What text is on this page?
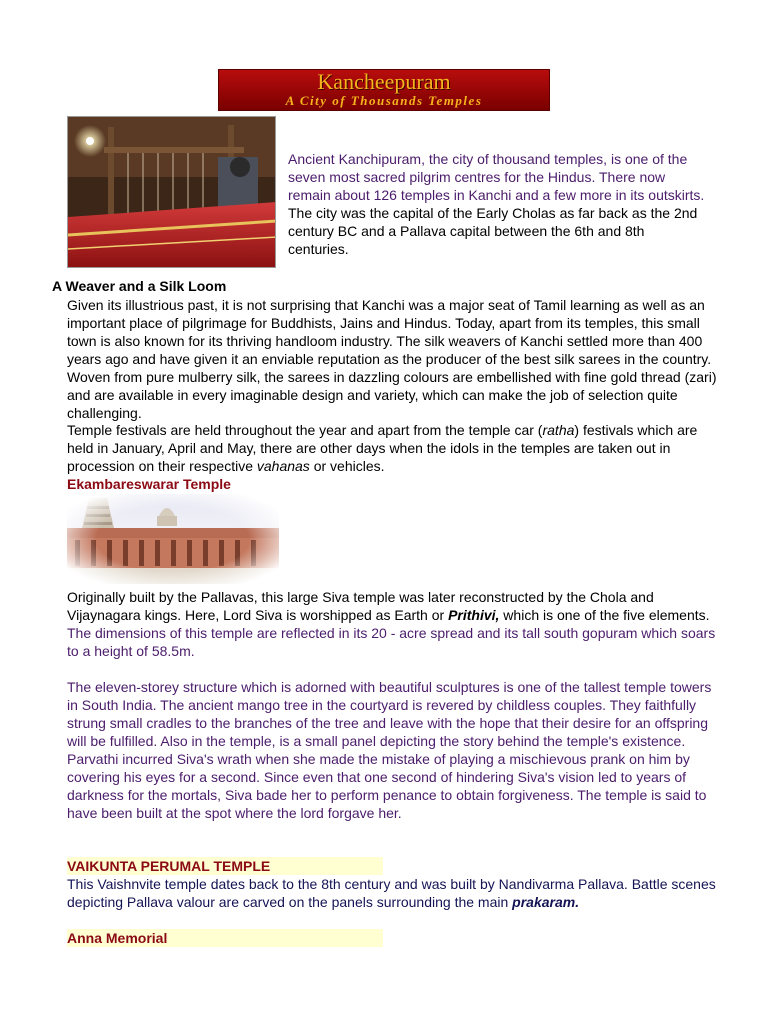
Kancheepuram
A City of Thousands Temples

Ancient Kanchipuram, the city of thousand temples, is one of the seven most sacred pilgrim centres for the Hindus. There now remain about 126 temples in Kanchi and a few more in its outskirts. The city was the capital of the Early Cholas as far back as the 2nd century BC and a Pallava capital between the 6th and 8th centuries.

A Weaver and a Silk Loom

Given its illustrious past, it is not surprising that Kanchi was a major seat of Tamil learning as well as an important place of pilgrimage for Buddhists, Jains and Hindus. Today, apart from its temples, this small town is also known for its thriving handloom industry. The silk weavers of Kanchi settled more than 400 years ago and have given it an enviable reputation as the producer of the best silk sarees in the country. Woven from pure mulberry silk, the sarees in dazzling colours are embellished with fine gold thread (zari) and are available in every imaginable design and variety, which can make the job of selection quite challenging.

Temple festivals are held throughout the year and apart from the temple car (ratha) festivals which are held in January, April and May, there are other days when the idols in the temples are taken out in procession on their respective vahanas or vehicles.

Ekambareswarar Temple

Originally built by the Pallavas, this large Siva temple was later reconstructed by the Chola and Vijaynagara kings. Here, Lord Siva is worshipped as Earth or Prithivi, which is one of the five elements. The dimensions of this temple are reflected in its 20 - acre spread and its tall south gopuram which soars to a height of 58.5m.

The eleven-storey structure which is adorned with beautiful sculptures is one of the tallest temple towers in South India. The ancient mango tree in the courtyard is revered by childless couples. They faithfully strung small cradles to the branches of the tree and leave with the hope that their desire for an offspring will be fulfilled. Also in the temple, is a small panel depicting the story behind the temple's existence. Parvathi incurred Siva's wrath when she made the mistake of playing a mischievous prank on him by covering his eyes for a second. Since even that one second of hindering Siva's vision led to years of darkness for the mortals, Siva bade her to perform penance to obtain forgiveness. The temple is said to have been built at the spot where the lord forgave her.

VAIKUNTA PERUMAL TEMPLE

This Vaishnvite temple dates back to the 8th century and was built by Nandivarma Pallava. Battle scenes depicting Pallava valour are carved on the panels surrounding the main prakaram.

Anna Memorial
